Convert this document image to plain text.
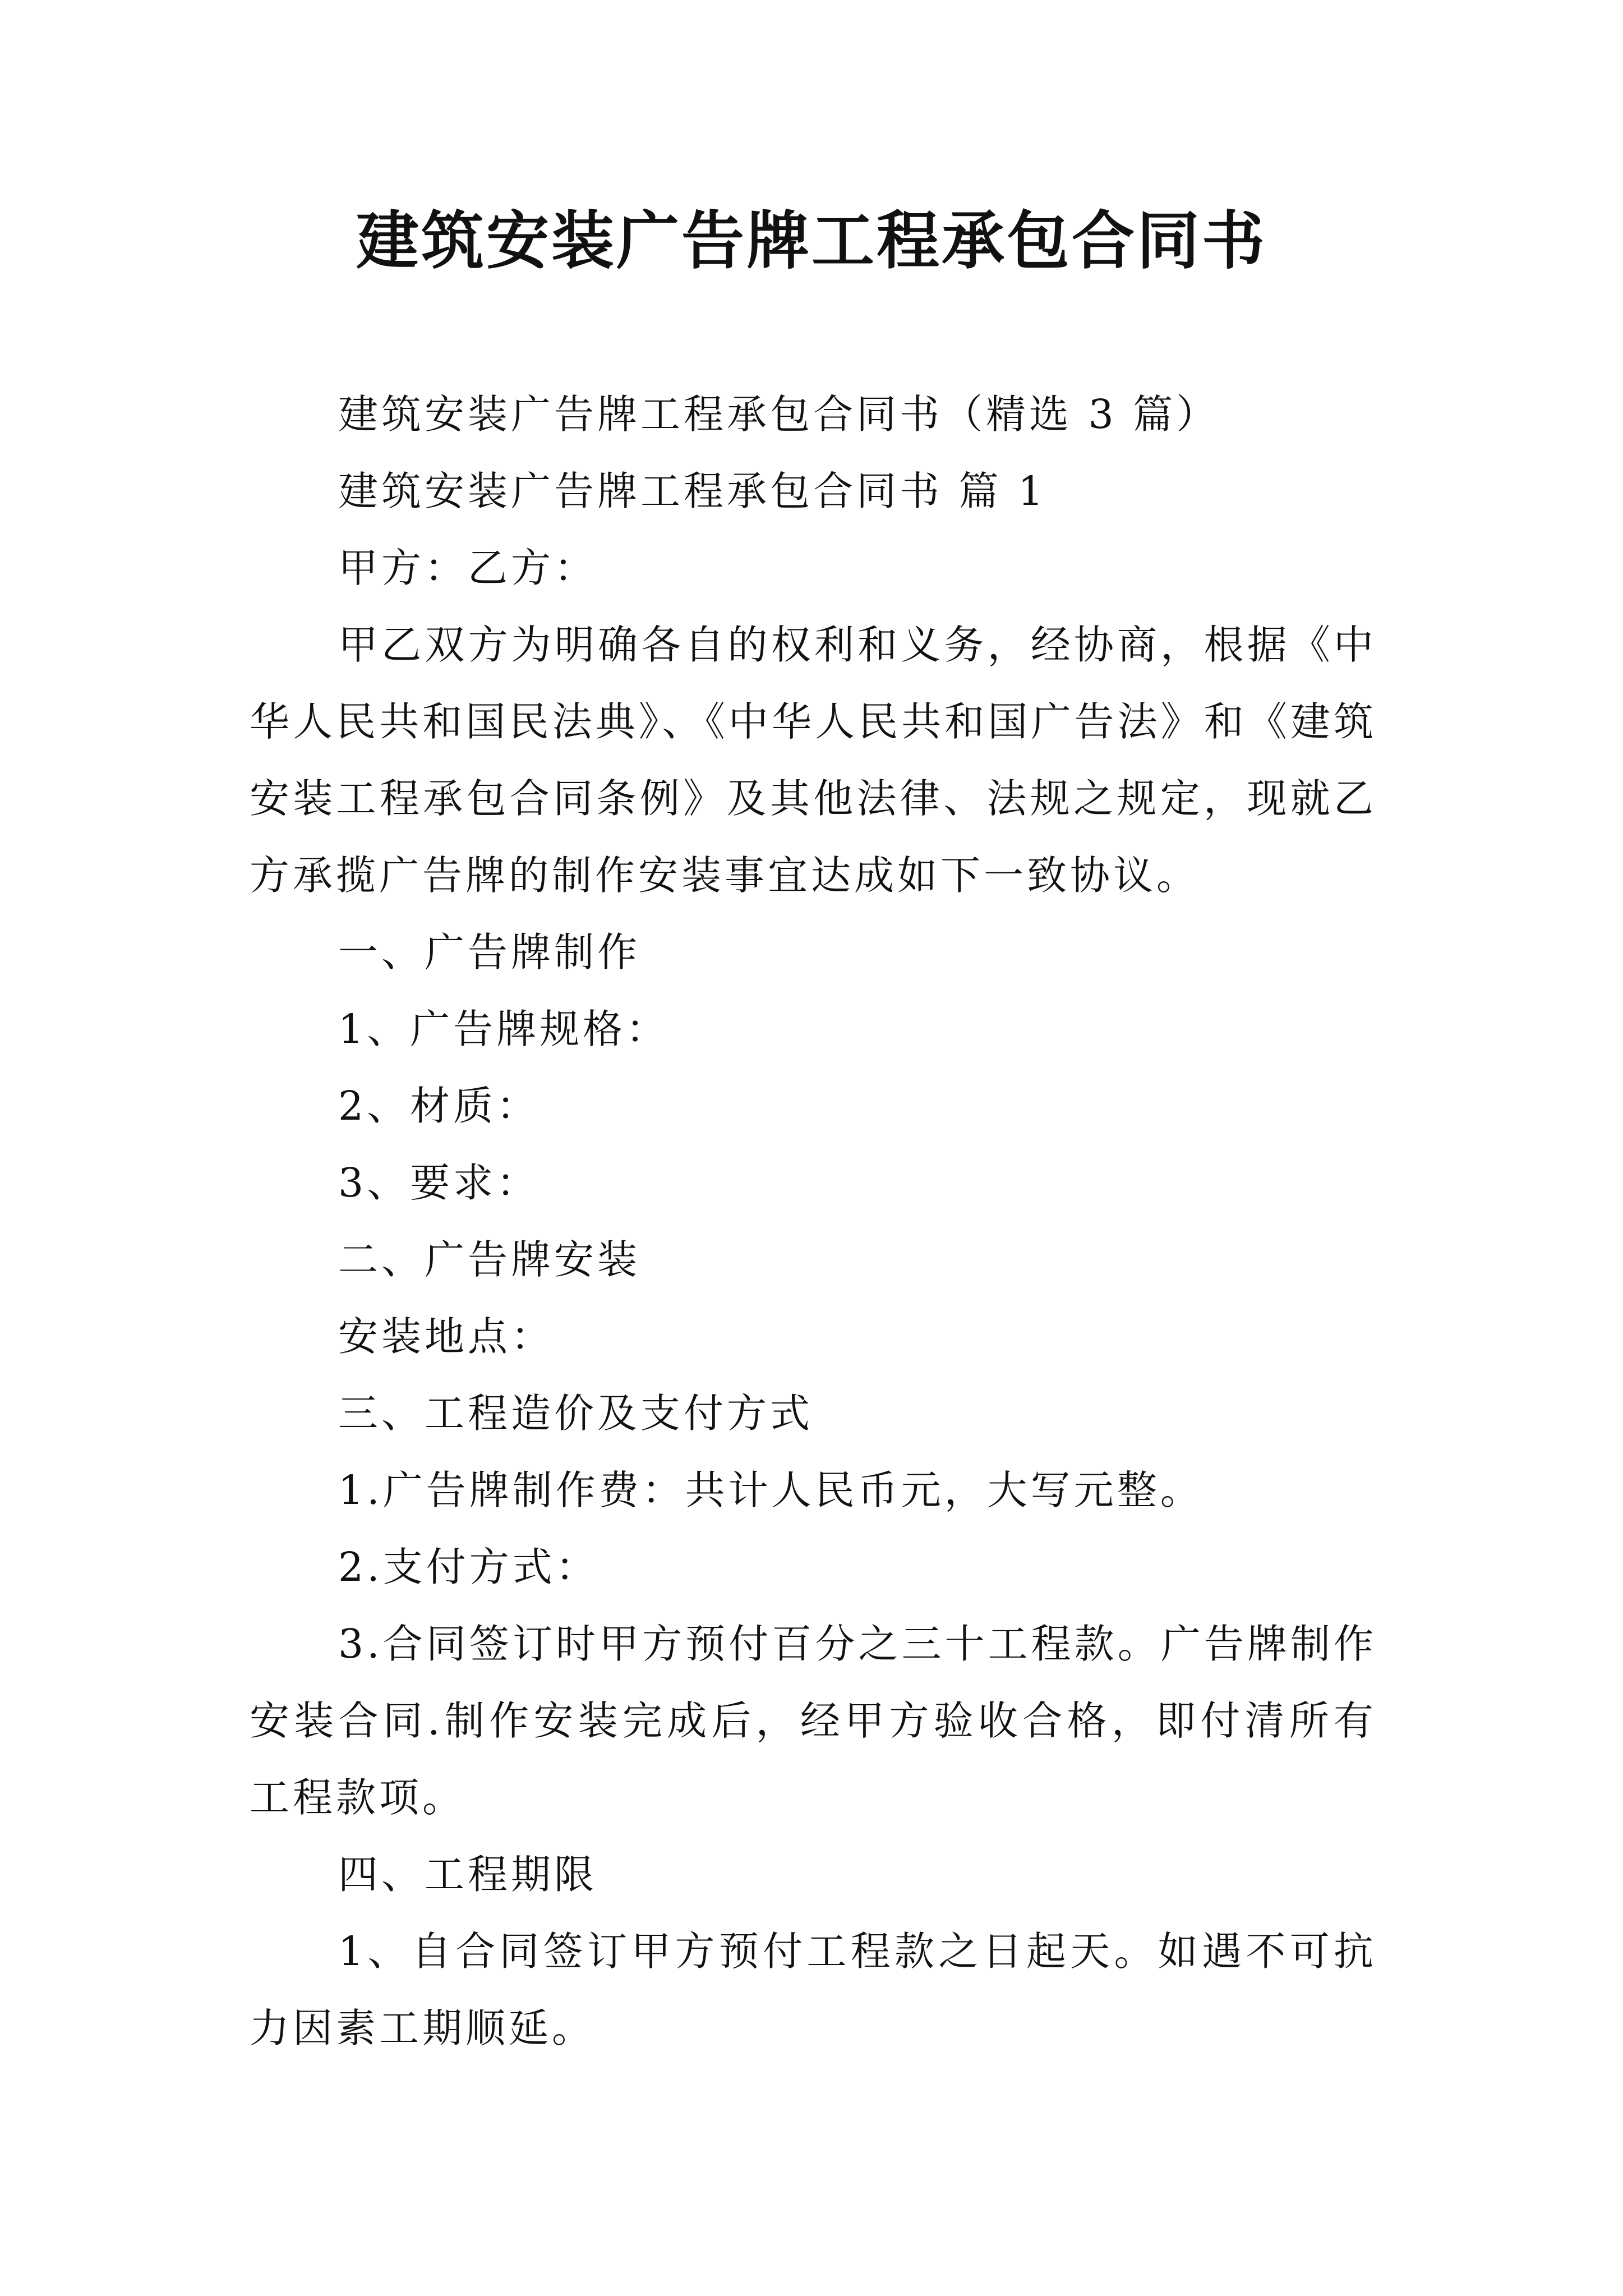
建筑安装广告牌工程承包合同书

建筑安装广告牌工程承包合同书（精选 3 篇）

建筑安装广告牌工程承包合同书 篇 1

甲方：乙方：

甲乙双方为明确各自的权利和义务，经协商，根据《中华人民共和国民法典》、《中华人民共和国广告法》和《建筑安装工程承包合同条例》及其他法律、法规之规定，现就乙方承揽广告牌的制作安装事宜达成如下一致协议。

一、广告牌制作

1、广告牌规格：

2、材质：

3、要求：

二、广告牌安装

安装地点：

三、工程造价及支付方式

1.广告牌制作费：共计人民币元，大写元整。

2.支付方式：

3.合同签订时甲方预付百分之三十工程款。广告牌制作安装合同.制作安装完成后，经甲方验收合格，即付清所有工程款项。

四、工程期限

1、自合同签订甲方预付工程款之日起天。如遇不可抗力因素工期顺延。
